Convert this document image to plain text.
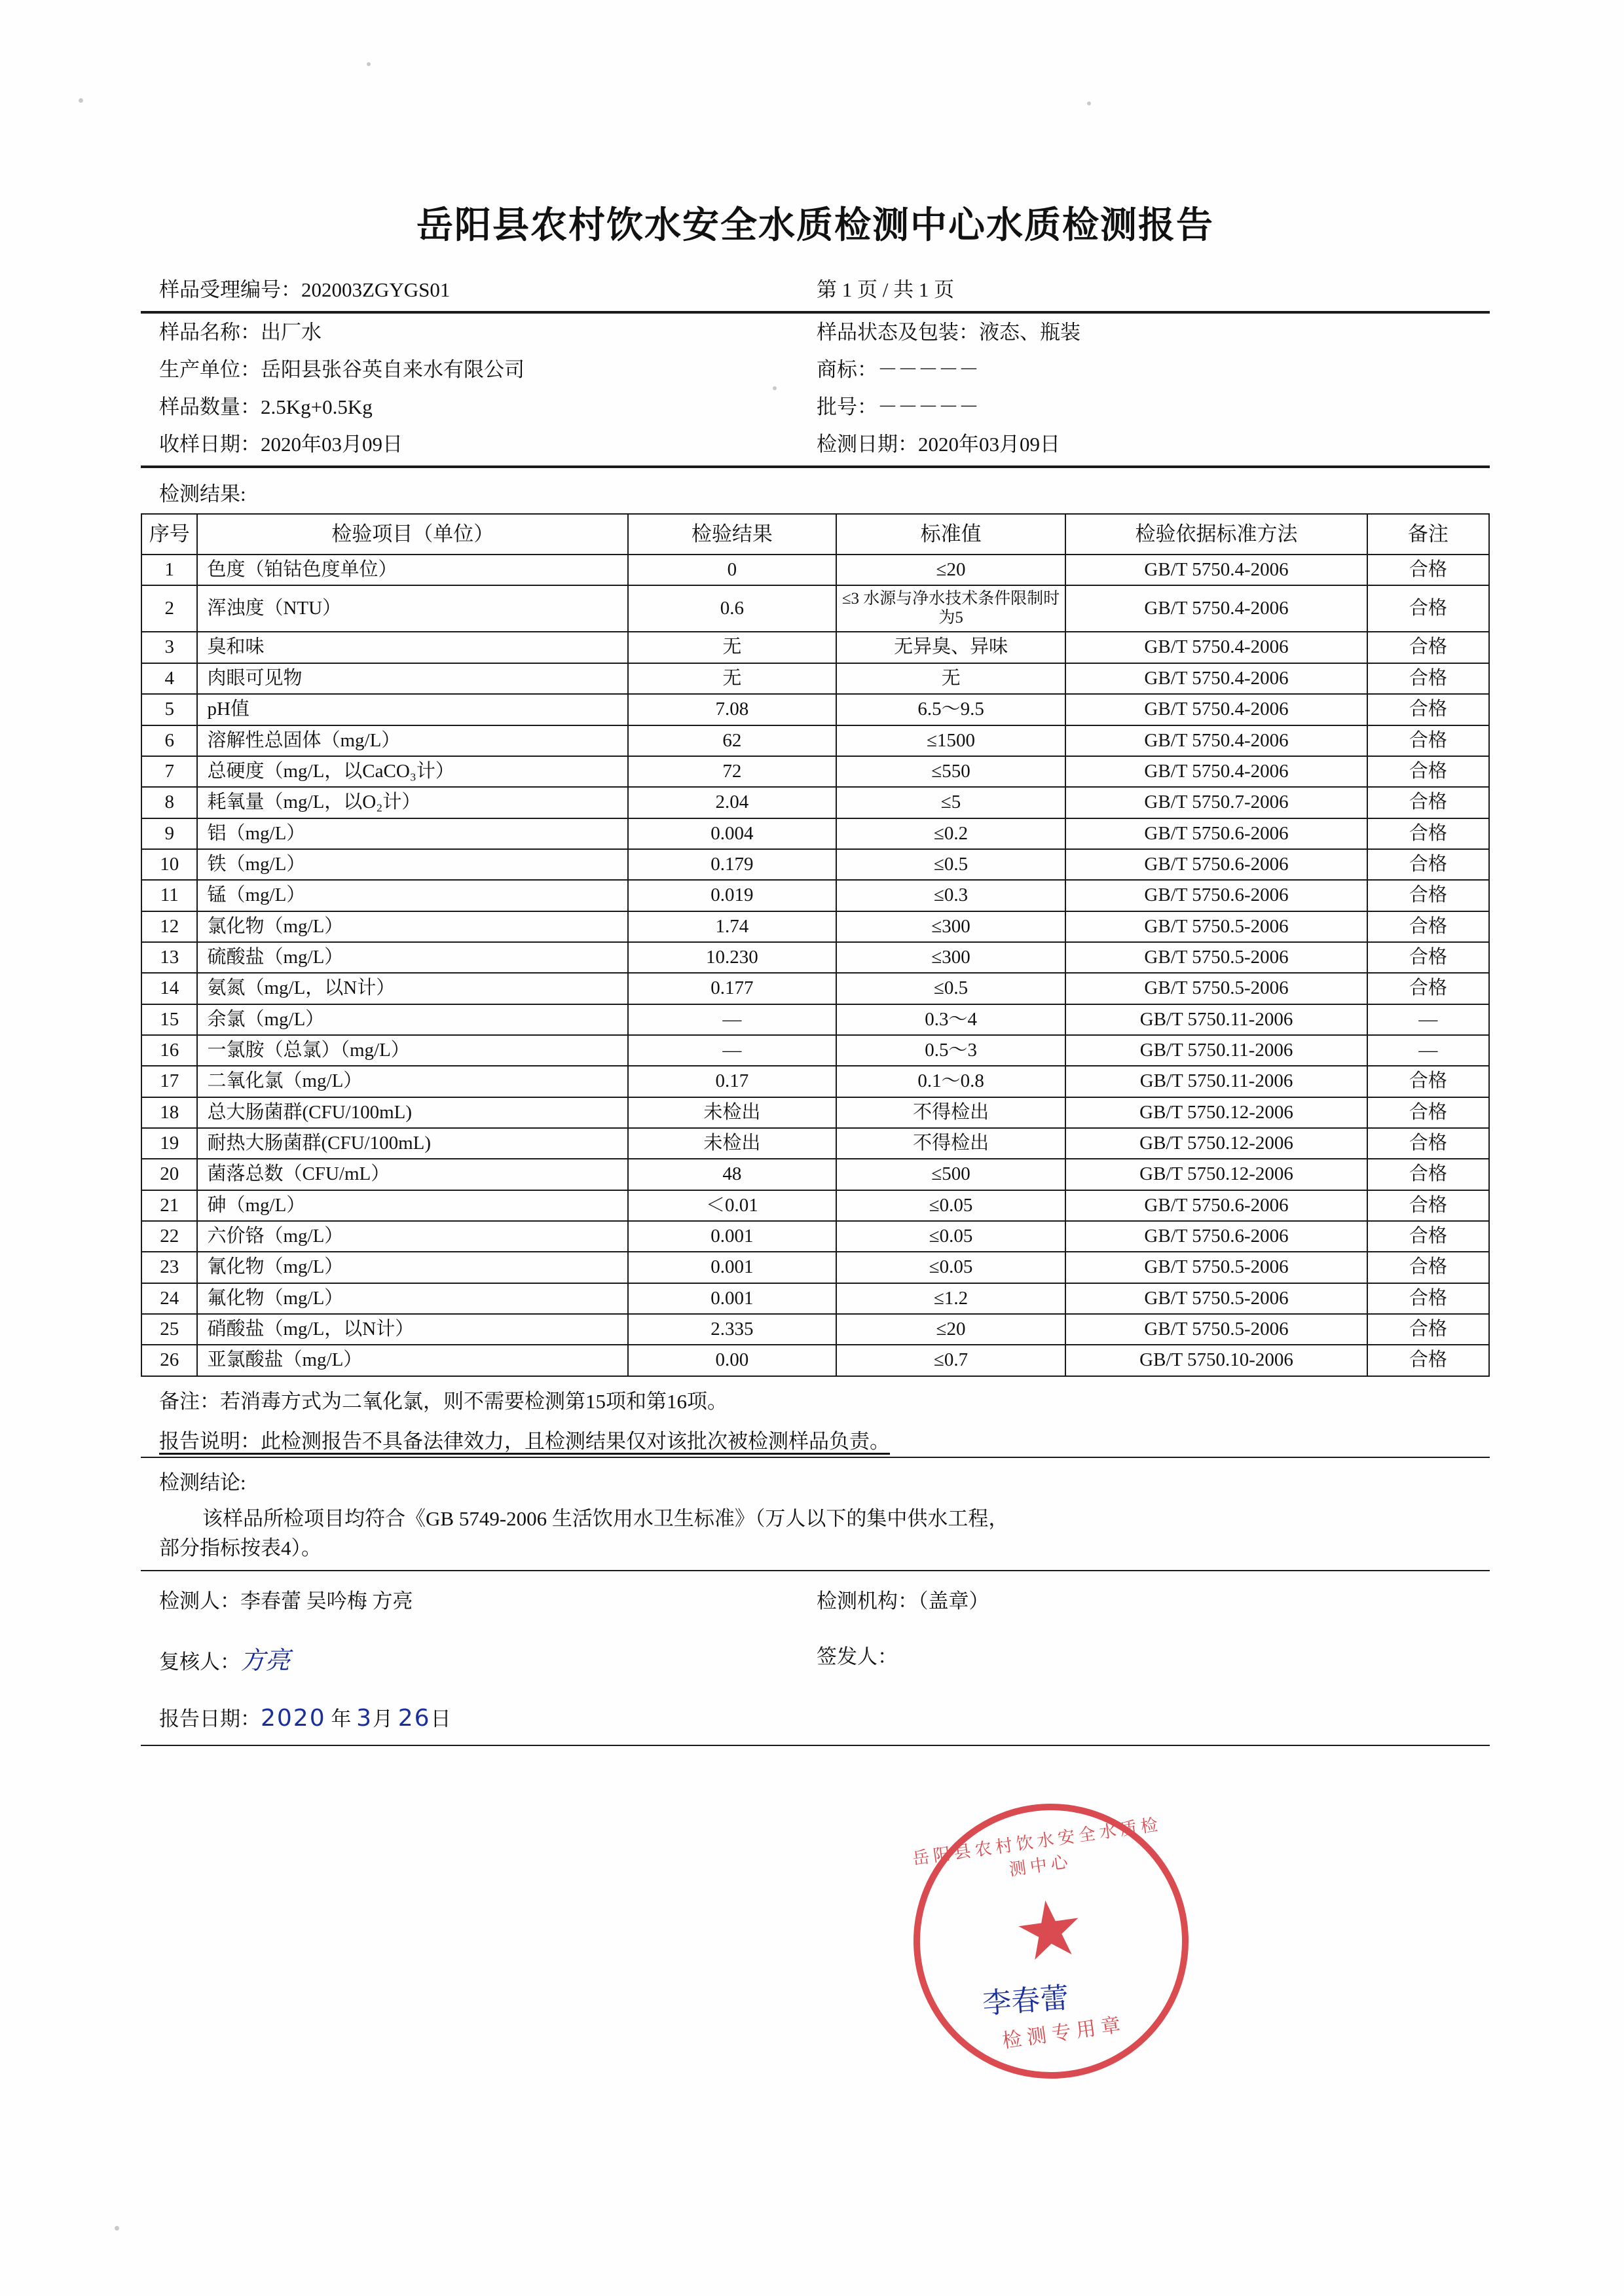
岳阳县农村饮水安全水质检测中心水质检测报告
样品受理编号：202003ZGYGS01	第 1 页 / 共 1 页
样品名称：出厂水	样品状态及包装：液态、瓶装
生产单位：岳阳县张谷英自来水有限公司	商标：－－－－－
样品数量：2.5Kg+0.5Kg	批号：－－－－－
收样日期：2020年03月09日	检测日期：2020年03月09日
检测结果:
序号	检验项目（单位）	检验结果	标准值	检验依据标准方法	备注
1	色度（铂钴色度单位）	0	≤20	GB/T 5750.4-2006	合格
2	浑浊度（NTU）	0.6	≤3 水源与净水技术条件限制时为5	GB/T 5750.4-2006	合格
3	臭和味	无	无异臭、异味	GB/T 5750.4-2006	合格
4	肉眼可见物	无	无	GB/T 5750.4-2006	合格
5	pH值	7.08	6.5～9.5	GB/T 5750.4-2006	合格
6	溶解性总固体（mg/L）	62	≤1500	GB/T 5750.4-2006	合格
7	总硬度（mg/L，以CaCO₃计）	72	≤550	GB/T 5750.4-2006	合格
8	耗氧量（mg/L，以O₂计）	2.04	≤5	GB/T 5750.7-2006	合格
9	铝（mg/L）	0.004	≤0.2	GB/T 5750.6-2006	合格
10	铁（mg/L）	0.179	≤0.5	GB/T 5750.6-2006	合格
11	锰（mg/L）	0.019	≤0.3	GB/T 5750.6-2006	合格
12	氯化物（mg/L）	1.74	≤300	GB/T 5750.5-2006	合格
13	硫酸盐（mg/L）	10.230	≤300	GB/T 5750.5-2006	合格
14	氨氮（mg/L，以N计）	0.177	≤0.5	GB/T 5750.5-2006	合格
15	余氯（mg/L）	—	0.3～4	GB/T 5750.11-2006	—
16	一氯胺（总氯）（mg/L）	—	0.5～3	GB/T 5750.11-2006	—
17	二氧化氯（mg/L）	0.17	0.1～0.8	GB/T 5750.11-2006	合格
18	总大肠菌群(CFU/100mL)	未检出	不得检出	GB/T 5750.12-2006	合格
19	耐热大肠菌群(CFU/100mL)	未检出	不得检出	GB/T 5750.12-2006	合格
20	菌落总数（CFU/mL）	48	≤500	GB/T 5750.12-2006	合格
21	砷（mg/L）	＜0.01	≤0.05	GB/T 5750.6-2006	合格
22	六价铬（mg/L）	0.001	≤0.05	GB/T 5750.6-2006	合格
23	氰化物（mg/L）	0.001	≤0.05	GB/T 5750.5-2006	合格
24	氟化物（mg/L）	0.001	≤1.2	GB/T 5750.5-2006	合格
25	硝酸盐（mg/L，以N计）	2.335	≤20	GB/T 5750.5-2006	合格
26	亚氯酸盐（mg/L）	0.00	≤0.7	GB/T 5750.10-2006	合格
备注：若消毒方式为二氧化氯，则不需要检测第15项和第16项。
报告说明：此检测报告不具备法律效力，且检测结果仅对该批次被检测样品负责。
检测结论:
该样品所检项目均符合《GB 5749-2006 生活饮用水卫生标准》（万人以下的集中供水工程，
部分指标按表4）。
检测人：李春蕾 吴吟梅 方亮	检测机构：（盖章）
复核人：方亮	签发人：
报告日期：2020 年 3月 26日
岳阳县农村饮水安全水质检测中心
★
检测专用章
李春蕾
